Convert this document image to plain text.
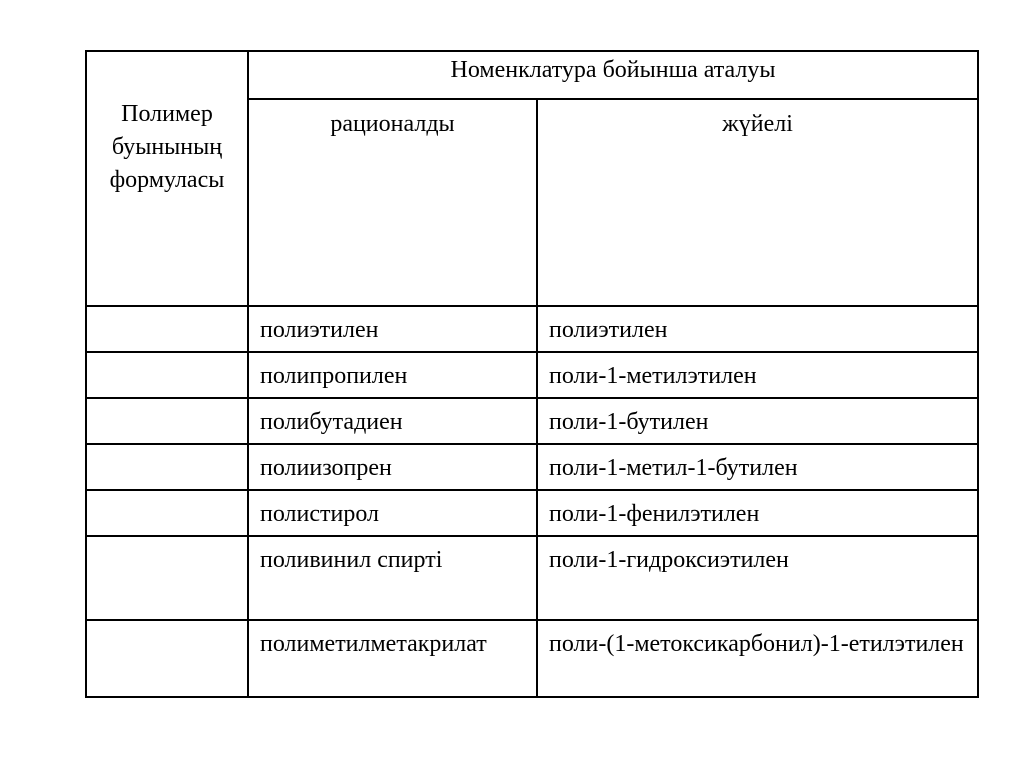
Полимер буынының формуласы	Номенклатура бойынша аталуы	
	рационалды	жүйелі
	полиэтилен	полиэтилен
	полипропилен	поли-1-метилэтилен
	полибутадиен	поли-1-бутилен
	полиизопрен	поли-1-метил-1-бутилен
	полистирол	поли-1-фенилэтилен
	поливинил спирті	поли-1-гидроксиэтилен
	полиметилметакрилат	поли-(1-метоксикарбонил)-1-етилэтилен
